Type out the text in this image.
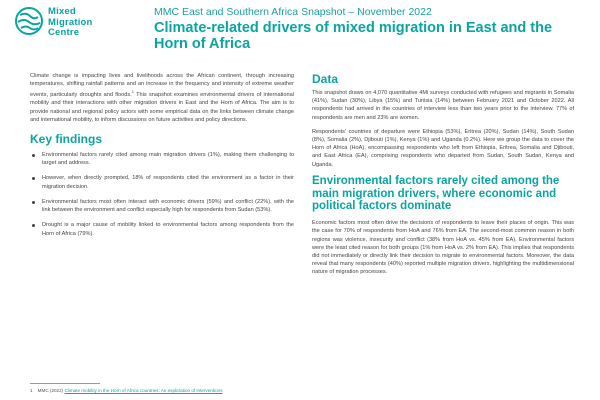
Mixed
Migration
Centre
MMC East and Southern Africa Snapshot – November 2022
Climate-related drivers of mixed migration in East and the Horn of Africa

Climate change is impacting lives and livelihoods across the African continent, through increasing temperatures, shifting rainfall patterns and an increase in the frequency and intensity of extreme weather events, particularly droughts and floods.$^1$ This snapshot examines environmental drivers of international mobility and their interactions with other migration drivers in East and the Horn of Africa. The aim is to provide national and regional policy actors with some empirical data on the links between climate change and international mobility, to inform discussions on future activities and policy directions.

Key findings
Environmental factors rarely cited among main migration drivers (1%), making them challenging to target and address.
However, when directly prompted, 18% of respondents cited the environment as a factor in their migration decision.
Environmental factors most often interact with economic drivers (59%) and conflict (22%), with the link between the environment and conflict especially high for respondents from Sudan (53%).
Drought is a major cause of mobility linked to environmental factors among respondents from the Horn of Africa (79%).
Data

This snapshot draws on 4,070 quantitative 4Mi surveys conducted with refugees and migrants in Somalia (41%), Sudan (30%), Libya (15%) and Tunisia (14%) between February 2021 and October 2022. All respondents had arrived in the countries of interview less than two years prior to the interview. 77% of respondents are men and 23% are women.

Respondents’ countries of departure were Ethiopia (53%), Eritrea (20%), Sudan (14%), South Sudan (8%), Somalia (2%), Djibouti (1%), Kenya (1%) and Uganda (0.2%). Here we group the data to cover the Horn of Africa (HoA), encompassing respondents who left from Ethiopia, Eritrea, Somalia and Djibouti, and East Africa (EA), comprising respondents who departed from Sudan, South Sudan, Kenya and Uganda.

Environmental factors rarely cited among the main migration drivers, where economic and political factors dominate

Economic factors most often drive the decisions of respondents to leave their places of origin. This was the case for 70% of respondents from HoA and 76% from EA. The second-most common reason in both regions was violence, insecurity and conflict (38% from HoA vs. 45% from EA). Environmental factors were the least cited reason for both groups (1% from HoA vs. 2% from EA). This implies that respondents did not immediately or directly link their decision to migrate to environmental factors. Moreover, the data reveal that many respondents (40%) reported multiple migration drivers, highlighting the multidimensional nature of migration processes.

1 MMC (2022) Climate mobility in the Horn of Africa countries: An exploration of interventions
